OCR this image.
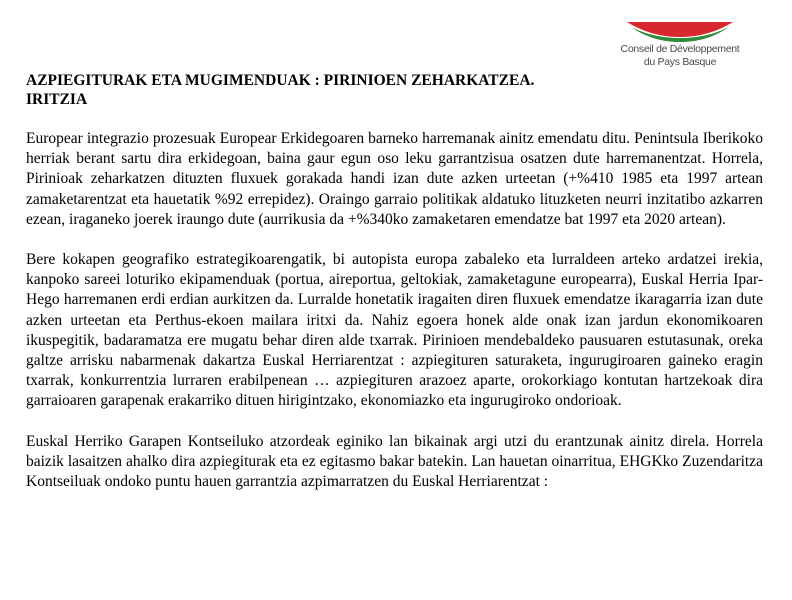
Conseil de Développement
du Pays Basque
AZPIEGITURAK ETA MUGIMENDUAK : PIRINIOEN ZEHARKATZEA.
IRITZIA

Europear integrazio prozesuak Europear Erkidegoaren barneko harremanak ainitz emendatu ditu. Penintsula Iberikoko herriak berant sartu dira erkidegoan, baina gaur egun oso leku garrantzisua osatzen dute harremanentzat. Horrela, Pirinioak zeharkatzen dituzten fluxuek gorakada handi izan dute azken urteetan (+%410 1985 eta 1997 artean zamaketarentzat eta hauetatik %92 errepidez). Oraingo garraio politikak aldatuko lituzketen neurri inzitatibo azkarren ezean, iraganeko joerek iraungo dute (aurrikusia da +%340ko zamaketaren emendatze bat 1997 eta 2020 artean).

Bere kokapen geografiko estrategikoarengatik, bi autopista europa zabaleko eta lurraldeen arteko ardatzei irekia, kanpoko sareei loturiko ekipamenduak (portua, aireportua, geltokiak, zamaketagune europearra), Euskal Herria Ipar-Hego harremanen erdi erdian aurkitzen da. Lurralde honetatik iragaiten diren fluxuek emendatze ikaragarria izan dute azken urteetan eta Perthus-ekoen mailara iritxi da. Nahiz egoera honek alde onak izan jardun ekonomikoaren ikuspegitik, badaramatza ere mugatu behar diren alde txarrak. Pirinioen mendebaldeko pausuaren estutasunak, oreka galtze arrisku nabarmenak dakartza Euskal Herriarentzat : azpiegituren saturaketa, ingurugiroaren gaineko eragin txarrak, konkurrentzia lurraren erabilpenean … azpiegituren arazoez aparte, orokorkiago kontutan hartzekoak dira garraioaren garapenak erakarriko dituen hirigintzako, ekonomiazko eta ingurugiroko ondorioak.

Euskal Herriko Garapen Kontseiluko atzordeak eginiko lan bikainak argi utzi du erantzunak ainitz direla. Horrela baizik lasaitzen ahalko dira azpiegiturak eta ez egitasmo bakar batekin. Lan hauetan oinarritua, EHGKko Zuzendaritza Kontseiluak ondoko puntu hauen garrantzia azpimarratzen du Euskal Herriarentzat :
